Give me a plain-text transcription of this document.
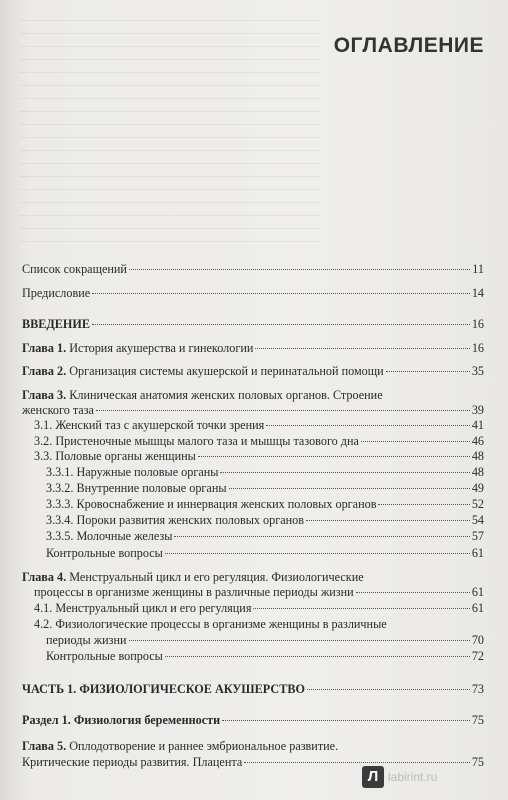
ОГЛАВЛЕНИЕ
Список сокращений	11
Предисловие	14
ВВЕДЕНИЕ	16
Глава 1. История акушерства и гинекологии	16
Глава 2. Организация системы акушерской и перинатальной помощи	35
Глава 3. Клиническая анатомия женских половых органов. Строение
женского таза	39
3.1. Женский таз с акушерской точки зрения	41
3.2. Пристеночные мышцы малого таза и мышцы тазового дна	46
3.3. Половые органы женщины	48
3.3.1. Наружные половые органы	48
3.3.2. Внутренние половые органы	49
3.3.3. Кровоснабжение и иннервация женских половых органов	52
3.3.4. Пороки развития женских половых органов	54
3.3.5. Молочные железы	57
Контрольные вопросы	61
Глава 4. Менструальный цикл и его регуляция. Физиологические
процессы в организме женщины в различные периоды жизни	61
4.1. Менструальный цикл и его регуляция	61
4.2. Физиологические процессы в организме женщины в различные
периоды жизни	70
Контрольные вопросы	72
ЧАСТЬ 1. ФИЗИОЛОГИЧЕСКОЕ АКУШЕРСТВО	73
Раздел 1. Физиология беременности	75
Глава 5. Оплодотворение и раннее эмбриональное развитие.
Критические периоды развития. Плацента	75
Л labirint.ru
